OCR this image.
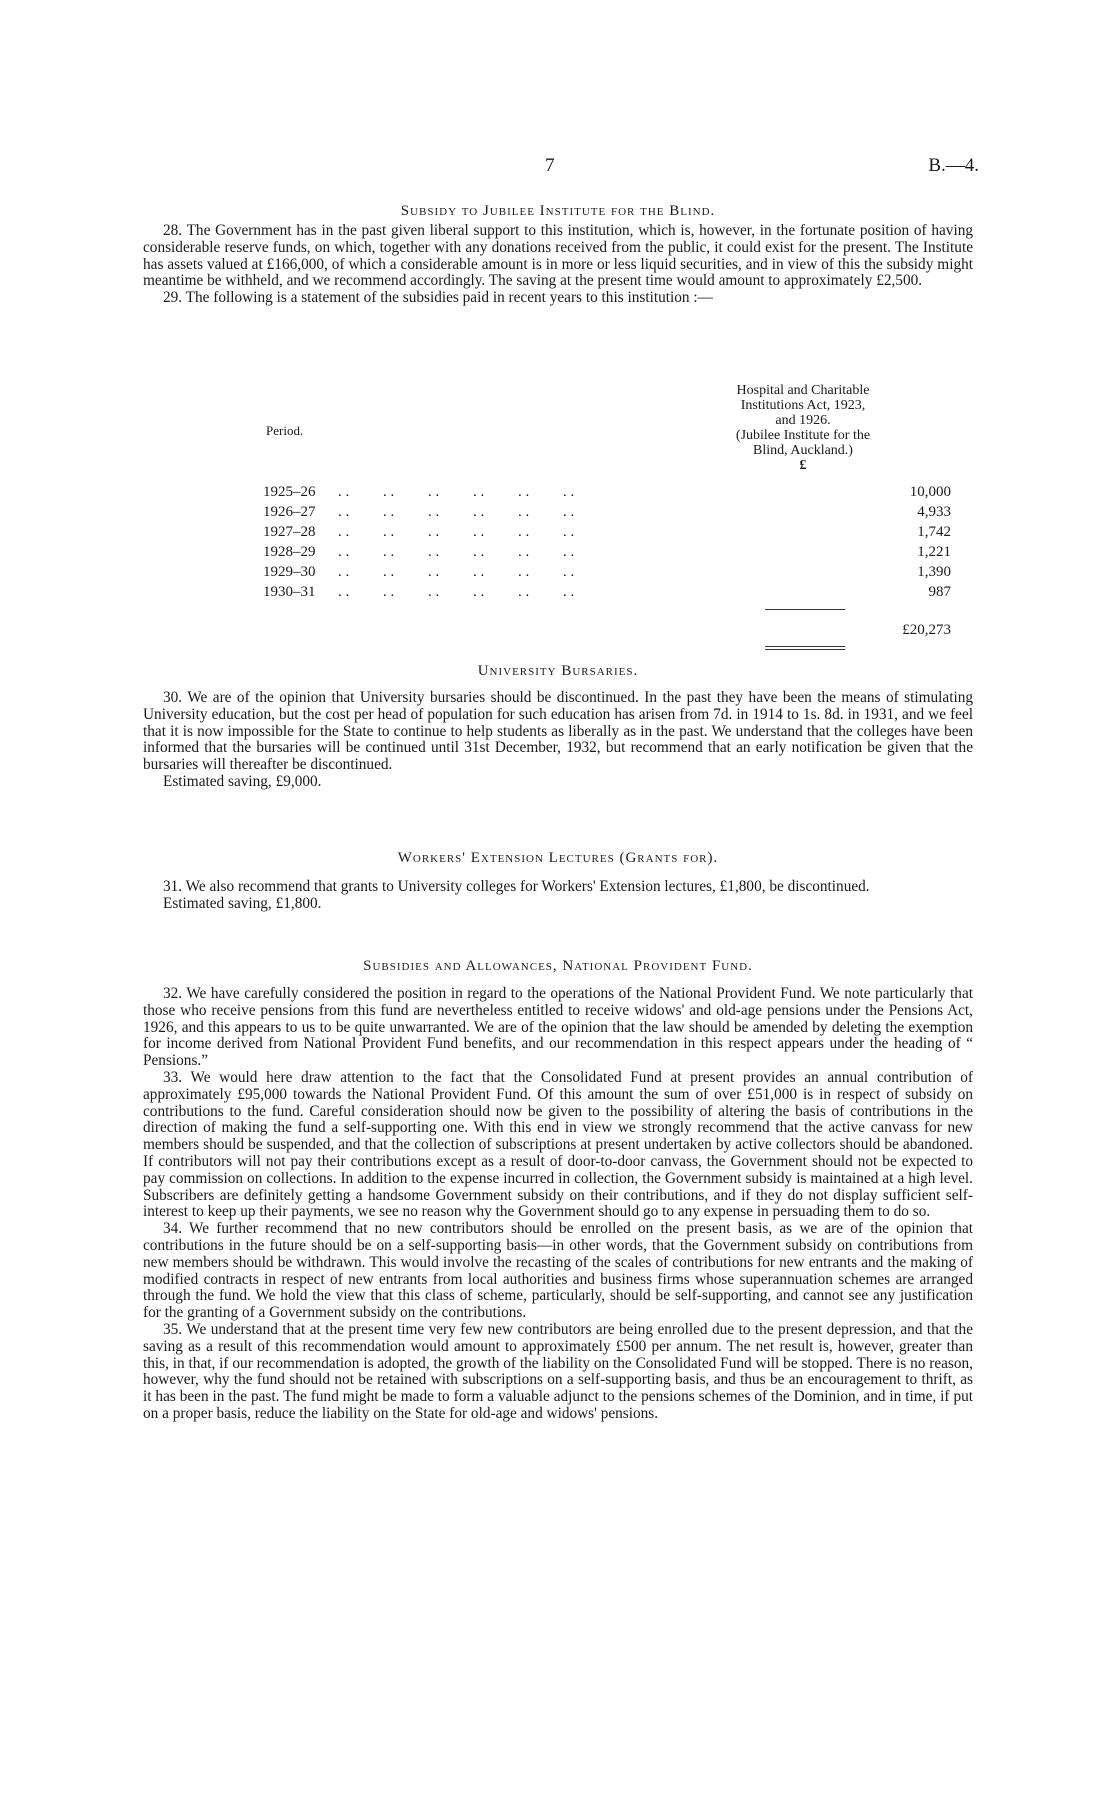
7	B.—4.
Subsidy to Jubilee Institute for the Blind.

28. The Government has in the past given liberal support to this institution, which is, however, in the fortunate position of having considerable reserve funds, on which, together with any donations received from the public, it could exist for the present. The Institute has assets valued at £166,000, of which a considerable amount is in more or less liquid securities, and in view of this the subsidy might meantime be withheld, and we recommend accordingly. The saving at the present time would amount to approximately £2,500.

29. The following is a statement of the subsidies paid in recent years to this institution :—

Period.
Hospital and Charitable
Institutions Act, 1923,
and 1926.
(Jubilee Institute for the
Blind, Auckland.)
£
1925–26 . .         . .         . .         . .         . .         . .	10,000
1926–27 . .         . .         . .         . .         . .         . .	4,933
1927–28 . .         . .         . .         . .         . .         . .	1,742
1928–29 . .         . .         . .         . .         . .         . .	1,221
1929–30 . .         . .         . .         . .         . .         . .	1,390
1930–31 . .         . .         . .         . .         . .         . .	987
£20,273
University Bursaries.

30. We are of the opinion that University bursaries should be discontinued. In the past they have been the means of stimulating University education, but the cost per head of population for such education has arisen from 7d. in 1914 to 1s. 8d. in 1931, and we feel that it is now impossible for the State to continue to help students as liberally as in the past. We understand that the colleges have been informed that the bursaries will be continued until 31st December, 1932, but recommend that an early notification be given that the bursaries will thereafter be discontinued.

Estimated saving, £9,000.

Workers' Extension Lectures (Grants for).

31. We also recommend that grants to University colleges for Workers' Extension lectures, £1,800, be discontinued.

Estimated saving, £1,800.

Subsidies and Allowances, National Provident Fund.

32. We have carefully considered the position in regard to the operations of the National Provident Fund. We note particularly that those who receive pensions from this fund are nevertheless entitled to receive widows' and old-age pensions under the Pensions Act, 1926, and this appears to us to be quite unwarranted. We are of the opinion that the law should be amended by deleting the exemption for income derived from National Provident Fund benefits, and our recommendation in this respect appears under the heading of “ Pensions.”

33. We would here draw attention to the fact that the Consolidated Fund at present provides an annual contribution of approximately £95,000 towards the National Provident Fund. Of this amount the sum of over £51,000 is in respect of subsidy on contributions to the fund. Careful consideration should now be given to the possibility of altering the basis of contributions in the direction of making the fund a self-supporting one. With this end in view we strongly recommend that the active canvass for new members should be suspended, and that the collection of subscriptions at present undertaken by active collectors should be abandoned. If contributors will not pay their contributions except as a result of door-to-door canvass, the Government should not be expected to pay commission on collections. In addition to the expense incurred in collection, the Government subsidy is maintained at a high level. Subscribers are definitely getting a handsome Government subsidy on their contributions, and if they do not display sufficient self-interest to keep up their payments, we see no reason why the Government should go to any expense in persuading them to do so.

34. We further recommend that no new contributors should be enrolled on the present basis, as we are of the opinion that contributions in the future should be on a self-supporting basis—in other words, that the Government subsidy on contributions from new members should be withdrawn. This would involve the recasting of the scales of contributions for new entrants and the making of modified contracts in respect of new entrants from local authorities and business firms whose superannuation schemes are arranged through the fund. We hold the view that this class of scheme, particularly, should be self-supporting, and cannot see any justification for the granting of a Government subsidy on the contributions.

35. We understand that at the present time very few new contributors are being enrolled due to the present depression, and that the saving as a result of this recommendation would amount to approximately £500 per annum. The net result is, however, greater than this, in that, if our recommendation is adopted, the growth of the liability on the Consolidated Fund will be stopped. There is no reason, however, why the fund should not be retained with subscriptions on a self-supporting basis, and thus be an encouragement to thrift, as it has been in the past. The fund might be made to form a valuable adjunct to the pensions schemes of the Dominion, and in time, if put on a proper basis, reduce the liability on the State for old-age and widows' pensions.
